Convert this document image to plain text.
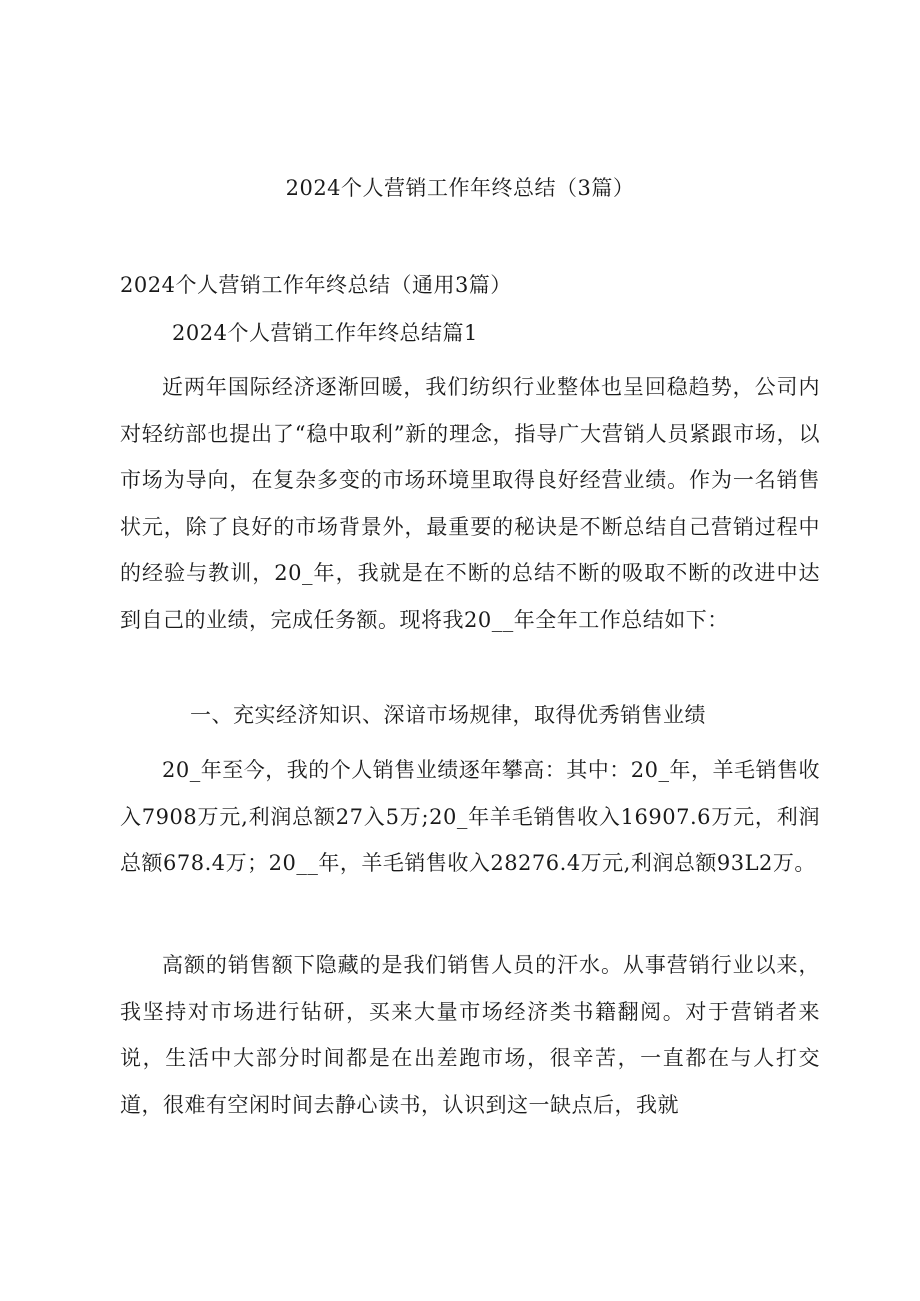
2024个人营销工作年终总结（3篇）

2024个人营销工作年终总结（通用3篇）

2024个人营销工作年终总结篇1

近两年国际经济逐渐回暖，我们纺织行业整体也呈回稳趋势，公司内对轻纺部也提出了“稳中取利”新的理念，指导广大营销人员紧跟市场，以市场为导向，在复杂多变的市场环境里取得良好经营业绩。作为一名销售状元，除了良好的市场背景外，最重要的秘诀是不断总结自己营销过程中的经验与教训，20_年，我就是在不断的总结不断的吸取不断的改进中达到自己的业绩，完成任务额。现将我20__年全年工作总结如下：

一、充实经济知识、深谙市场规律，取得优秀销售业绩

20_年至今，我的个人销售业绩逐年攀高：其中：20_年，羊毛销售收入7908万元,利润总额27入5万;20_年羊毛销售收入16907.6万元，利润总额678.4万；20__年，羊毛销售收入28276.4万元,利润总额93L2万。

高额的销售额下隐藏的是我们销售人员的汗水。从事营销行业以来，我坚持对市场进行钻研，买来大量市场经济类书籍翻阅。对于营销者来说，生活中大部分时间都是在出差跑市场，很辛苦，一直都在与人打交道，很难有空闲时间去静心读书，认识到这一缺点后，我就
